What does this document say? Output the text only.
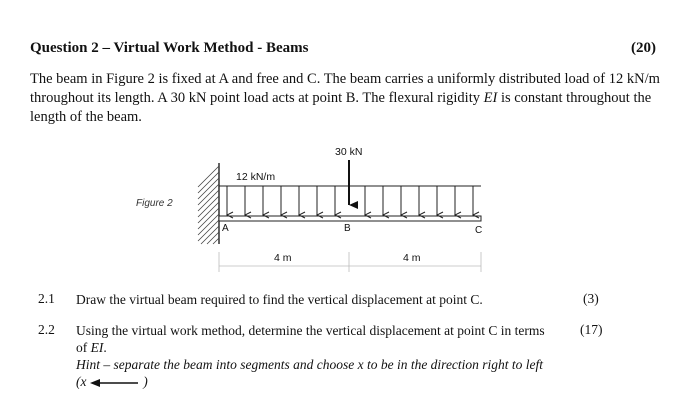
Question 2 – Virtual Work Method - Beams	(20)
The beam in Figure 2 is fixed at A and free and C. The beam carries a uniformly distributed load of 12 kN/m throughout its length. A 30 kN point load acts at point B. The flexural rigidity EI is constant throughout the length of the beam.
Figure 2
12 kN/m
30 kN
A	B	C
4 m	4 m
2.1 Draw the virtual beam required to find the vertical displacement at point C.	(3)
2.2 Using the virtual work method, determine the vertical displacement at point C in terms of EI.
(17)
Hint – separate the beam into segments and choose x to be in the direction right to left (x	)
